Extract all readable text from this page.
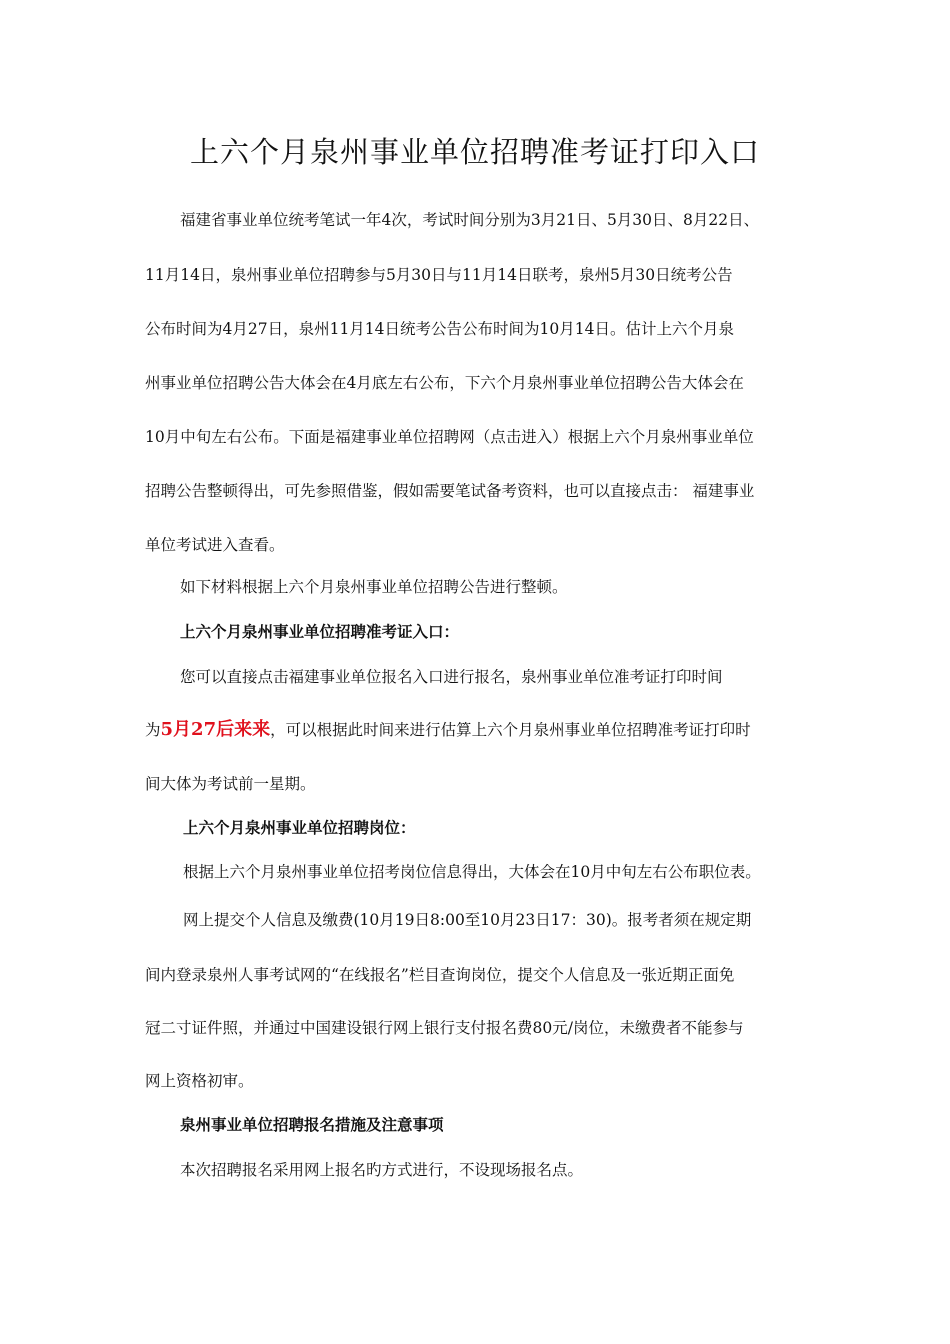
上六个月泉州事业单位招聘准考证打印入口
福建省事业单位统考笔试一年4次，考试时间分别为3月21日、5月30日、8月22日、
11月14日，泉州事业单位招聘参与5月30日与11月14日联考，泉州5月30日统考公告
公布时间为4月27日，泉州11月14日统考公告公布时间为10月14日。估计上六个月泉
州事业单位招聘公告大体会在4月底左右公布，下六个月泉州事业单位招聘公告大体会在
10月中旬左右公布。下面是福建事业单位招聘网（点击进入）根据上六个月泉州事业单位
招聘公告整顿得出，可先参照借鉴，假如需要笔试备考资料，也可以直接点击： 福建事业
单位考试进入查看。
如下材料根据上六个月泉州事业单位招聘公告进行整顿。
上六个月泉州事业单位招聘准考证入口：
您可以直接点击福建事业单位报名入口进行报名，泉州事业单位准考证打印时间
为5月27后来来，可以根据此时间来进行估算上六个月泉州事业单位招聘准考证打印时
间大体为考试前一星期。
上六个月泉州事业单位招聘岗位：
根据上六个月泉州事业单位招考岗位信息得出，大体会在10月中旬左右公布职位表。
网上提交个人信息及缴费(10月19日8:00至10月23日17：30)。报考者须在规定期
间内登录泉州人事考试网的“在线报名”栏目查询岗位，提交个人信息及一张近期正面免
冠二寸证件照，并通过中国建设银行网上银行支付报名费80元/岗位，未缴费者不能参与
网上资格初审。
泉州事业单位招聘报名措施及注意事项
本次招聘报名采用网上报名旳方式进行，不设现场报名点。
